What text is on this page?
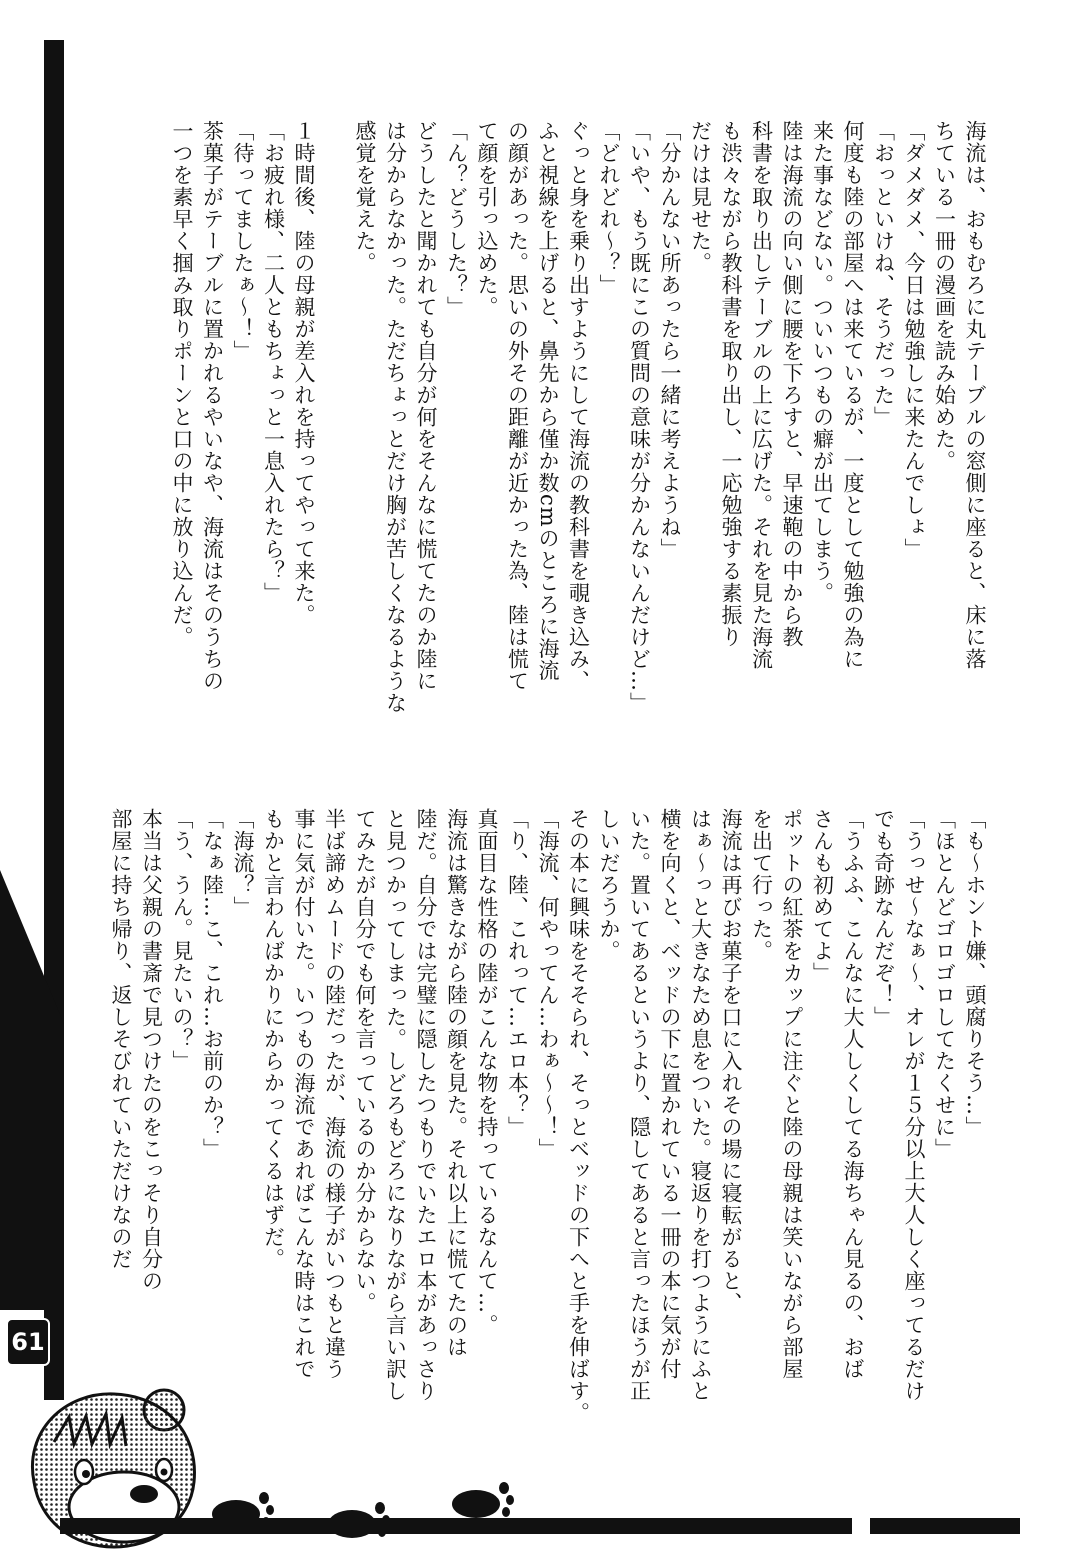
61
海流は、おもむろに丸テーブルの窓側に座ると、床に落
ちている一冊の漫画を読み始めた。
「ダメダメ、今日は勉強しに来たんでしょ」
「おっといけね、そうだった」
何度も陸の部屋へは来ているが、一度として勉強の為に
来た事などない。ついいつもの癖が出てしまう。
陸は海流の向い側に腰を下ろすと、早速鞄の中から教
科書を取り出しテーブルの上に広げた。それを見た海流
も渋々ながら教科書を取り出し、一応勉強する素振り
だけは見せた。
「分かんない所あったら一緒に考えようね」
「いや、もう既にこの質問の意味が分かんないんだけど…」
「どれどれ～？」
ぐっと身を乗り出すようにして海流の教科書を覗き込み、
ふと視線を上げると、鼻先から僅か数cmのところに海流
の顔があった。思いの外その距離が近かった為、陸は慌て
て顔を引っ込めた。
「ん？どうした？」
どうしたと聞かれても自分が何をそんなに慌てたのか陸に
は分からなかった。ただちょっとだけ胸が苦しくなるような
感覚を覚えた。

１時間後、陸の母親が差入れを持ってやって来た。
「お疲れ様、二人ともちょっと一息入れたら？」
「待ってましたぁ～！」
茶菓子がテーブルに置かれるやいなや、海流はそのうちの
一つを素早く掴み取りポーンと口の中に放り込んだ。
「も～ホント嫌、頭腐りそう…」
「ほとんどゴロゴロしてたくせに」
「うっせ～なぁ～、オレが１５分以上大人しく座ってるだけ
でも奇跡なんだぞ！」
「うふふ、こんなに大人しくしてる海ちゃん見るの、おば
さんも初めてよ」
ポットの紅茶をカップに注ぐと陸の母親は笑いながら部屋
を出て行った。
海流は再びお菓子を口に入れその場に寝転がると、
はぁ～っと大きなため息をついた。寝返りを打つようにふと
横を向くと、ベッドの下に置かれている一冊の本に気が付
いた。置いてあるというより、隠してあると言ったほうが正
しいだろうか。
その本に興味をそそられ、そっとベッドの下へと手を伸ばす。
「海流、何やってん…わぁ～～！」
「り、陸、これって…エロ本？」
真面目な性格の陸がこんな物を持っているなんて…。
海流は驚きながら陸の顔を見た。それ以上に慌てたのは
陸だ。自分では完璧に隠したつもりでいたエロ本があっさり
と見つかってしまった。しどろもどろになりながら言い訳し
てみたが自分でも何を言っているのか分からない。
半ば諦めムードの陸だったが、海流の様子がいつもと違う
事に気が付いた。いつもの海流であればこんな時はこれで
もかと言わんばかりにからかってくるはずだ。
「海流？」
「なぁ陸…こ、これ…お前のか？」
「う、うん。見たいの？」
本当は父親の書斎で見つけたのをこっそり自分の
部屋に持ち帰り、返しそびれていただけなのだ
